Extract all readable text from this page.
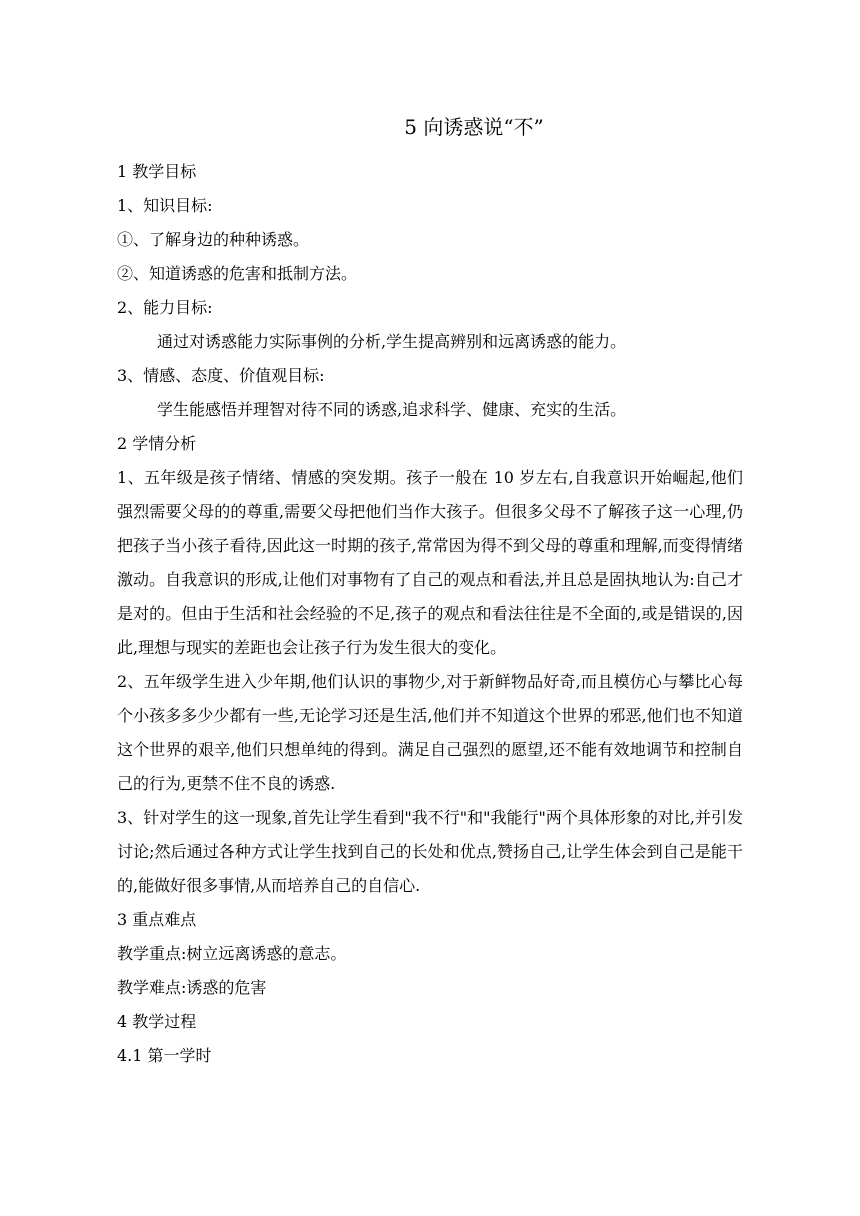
5 向诱惑说“不”

1 教学目标

1、知识目标:

①、了解身边的种种诱惑。

②、知道诱惑的危害和抵制方法。

2、能力目标:

通过对诱惑能力实际事例的分析,学生提高辨别和远离诱惑的能力。

3、情感、态度、价值观目标:

学生能感悟并理智对待不同的诱惑,追求科学、健康、充实的生活。

2 学情分析

1、五年级是孩子情绪、情感的突发期。孩子一般在 10 岁左右,自我意识开始崛起,他们强烈需要父母的的尊重,需要父母把他们当作大孩子。但很多父母不了解孩子这一心理,仍把孩子当小孩子看待,因此这一时期的孩子,常常因为得不到父母的尊重和理解,而变得情绪激动。自我意识的形成,让他们对事物有了自己的观点和看法,并且总是固执地认为:自己才是对的。但由于生活和社会经验的不足,孩子的观点和看法往往是不全面的,或是错误的,因此,理想与现实的差距也会让孩子行为发生很大的变化。

2、五年级学生进入少年期,他们认识的事物少,对于新鲜物品好奇,而且模仿心与攀比心每个小孩多多少少都有一些,无论学习还是生活,他们并不知道这个世界的邪恶,他们也不知道这个世界的艰辛,他们只想单纯的得到。满足自己强烈的愿望,还不能有效地调节和控制自己的行为,更禁不住不良的诱惑.

3、针对学生的这一现象,首先让学生看到"我不行"和"我能行"两个具体形象的对比,并引发讨论;然后通过各种方式让学生找到自己的长处和优点,赞扬自己,让学生体会到自己是能干的,能做好很多事情,从而培养自己的自信心.

3 重点难点

教学重点:树立远离诱惑的意志。

教学难点:诱惑的危害

4 教学过程

4.1 第一学时
